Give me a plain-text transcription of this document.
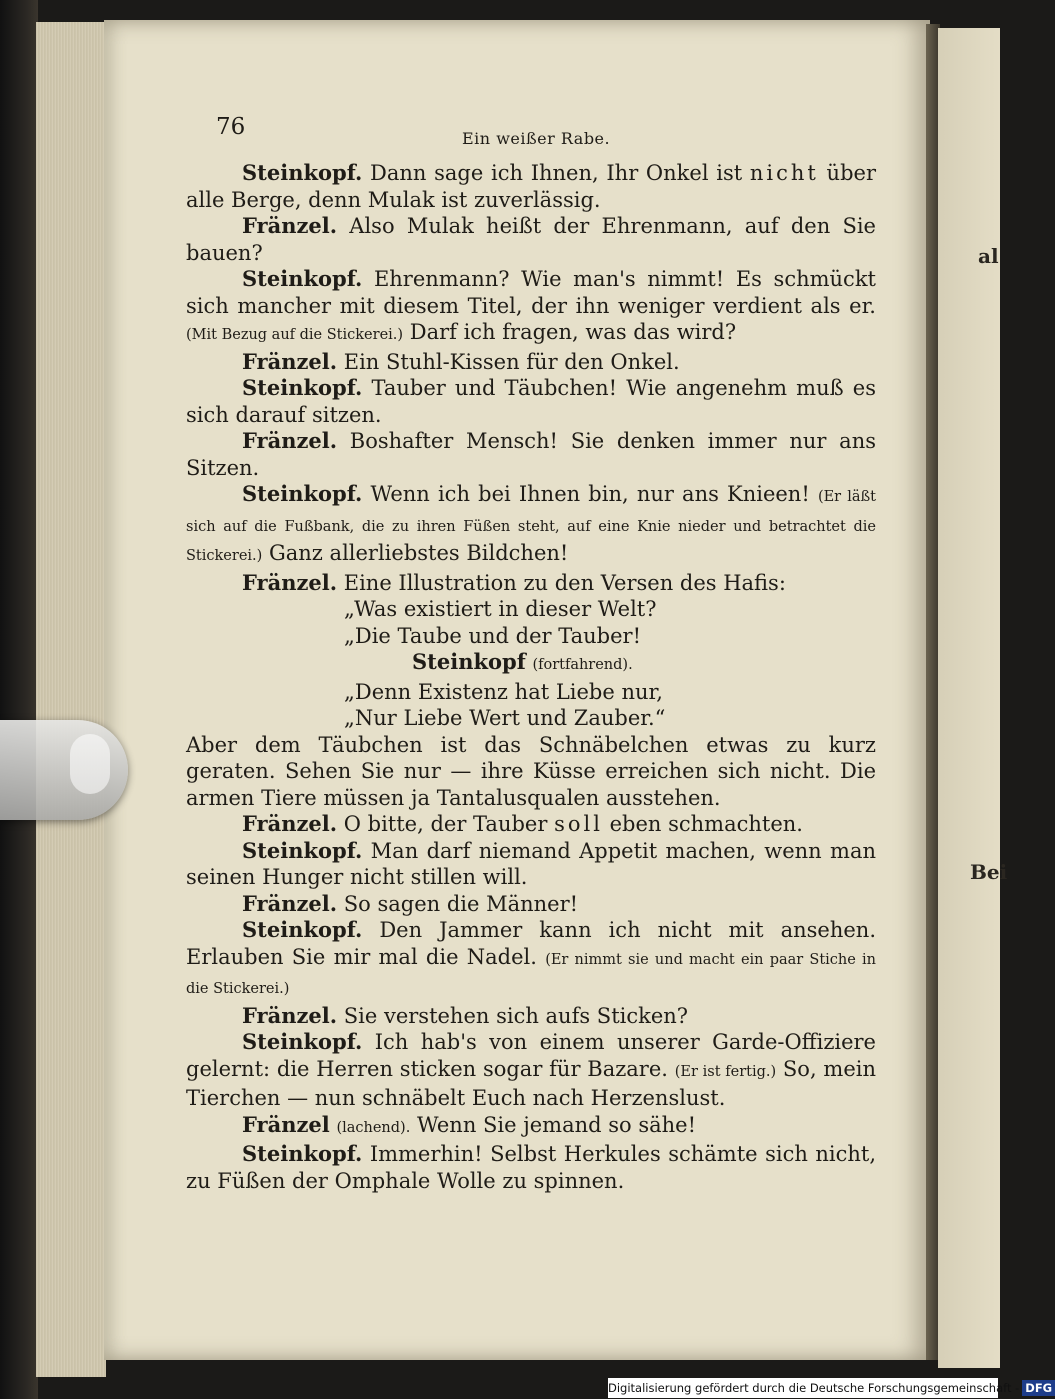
al
Bei
76	Ein weißer Rabe.

Steinkopf. Dann sage ich Ihnen, Ihr Onkel ist nicht über alle Berge, denn Mulak ist zuverlässig.

Fränzel. Also Mulak heißt der Ehrenmann, auf den Sie bauen?

Steinkopf. Ehrenmann? Wie man's nimmt! Es schmückt sich mancher mit diesem Titel, der ihn weniger verdient als er. (Mit Bezug auf die Stickerei.) Darf ich fragen, was das wird?

Fränzel. Ein Stuhl-Kissen für den Onkel.

Steinkopf. Tauber und Täubchen! Wie angenehm muß es sich darauf sitzen.

Fränzel. Boshafter Mensch! Sie denken immer nur ans Sitzen.

Steinkopf. Wenn ich bei Ihnen bin, nur ans Knieen! (Er läßt sich auf die Fußbank, die zu ihren Füßen steht, auf eine Knie nieder und betrachtet die Stickerei.) Ganz allerliebstes Bildchen!

Fränzel. Eine Illustration zu den Versen des Hafis:

„Was existiert in dieser Welt?

„Die Taube und der Tauber!

Steinkopf (fortfahrend).

„Denn Existenz hat Liebe nur,

„Nur Liebe Wert und Zauber.“

Aber dem Täubchen ist das Schnäbelchen etwas zu kurz geraten. Sehen Sie nur — ihre Küsse erreichen sich nicht. Die armen Tiere müssen ja Tantalusqualen ausstehen.

Fränzel. O bitte, der Tauber soll eben schmachten.

Steinkopf. Man darf niemand Appetit machen, wenn man seinen Hunger nicht stillen will.

Fränzel. So sagen die Männer!

Steinkopf. Den Jammer kann ich nicht mit ansehen. Erlauben Sie mir mal die Nadel. (Er nimmt sie und macht ein paar Stiche in die Stickerei.)

Fränzel. Sie verstehen sich aufs Sticken?

Steinkopf. Ich hab's von einem unserer Garde-Offiziere gelernt: die Herren sticken sogar für Bazare. (Er ist fertig.) So, mein Tierchen — nun schnäbelt Euch nach Herzenslust.

Fränzel (lachend). Wenn Sie jemand so sähe!

Steinkopf. Immerhin! Selbst Herkules schämte sich nicht, zu Füßen der Omphale Wolle zu spinnen.

Digitalisierung gefördert durch die Deutsche Forschungsgemeinschaft - DFG
